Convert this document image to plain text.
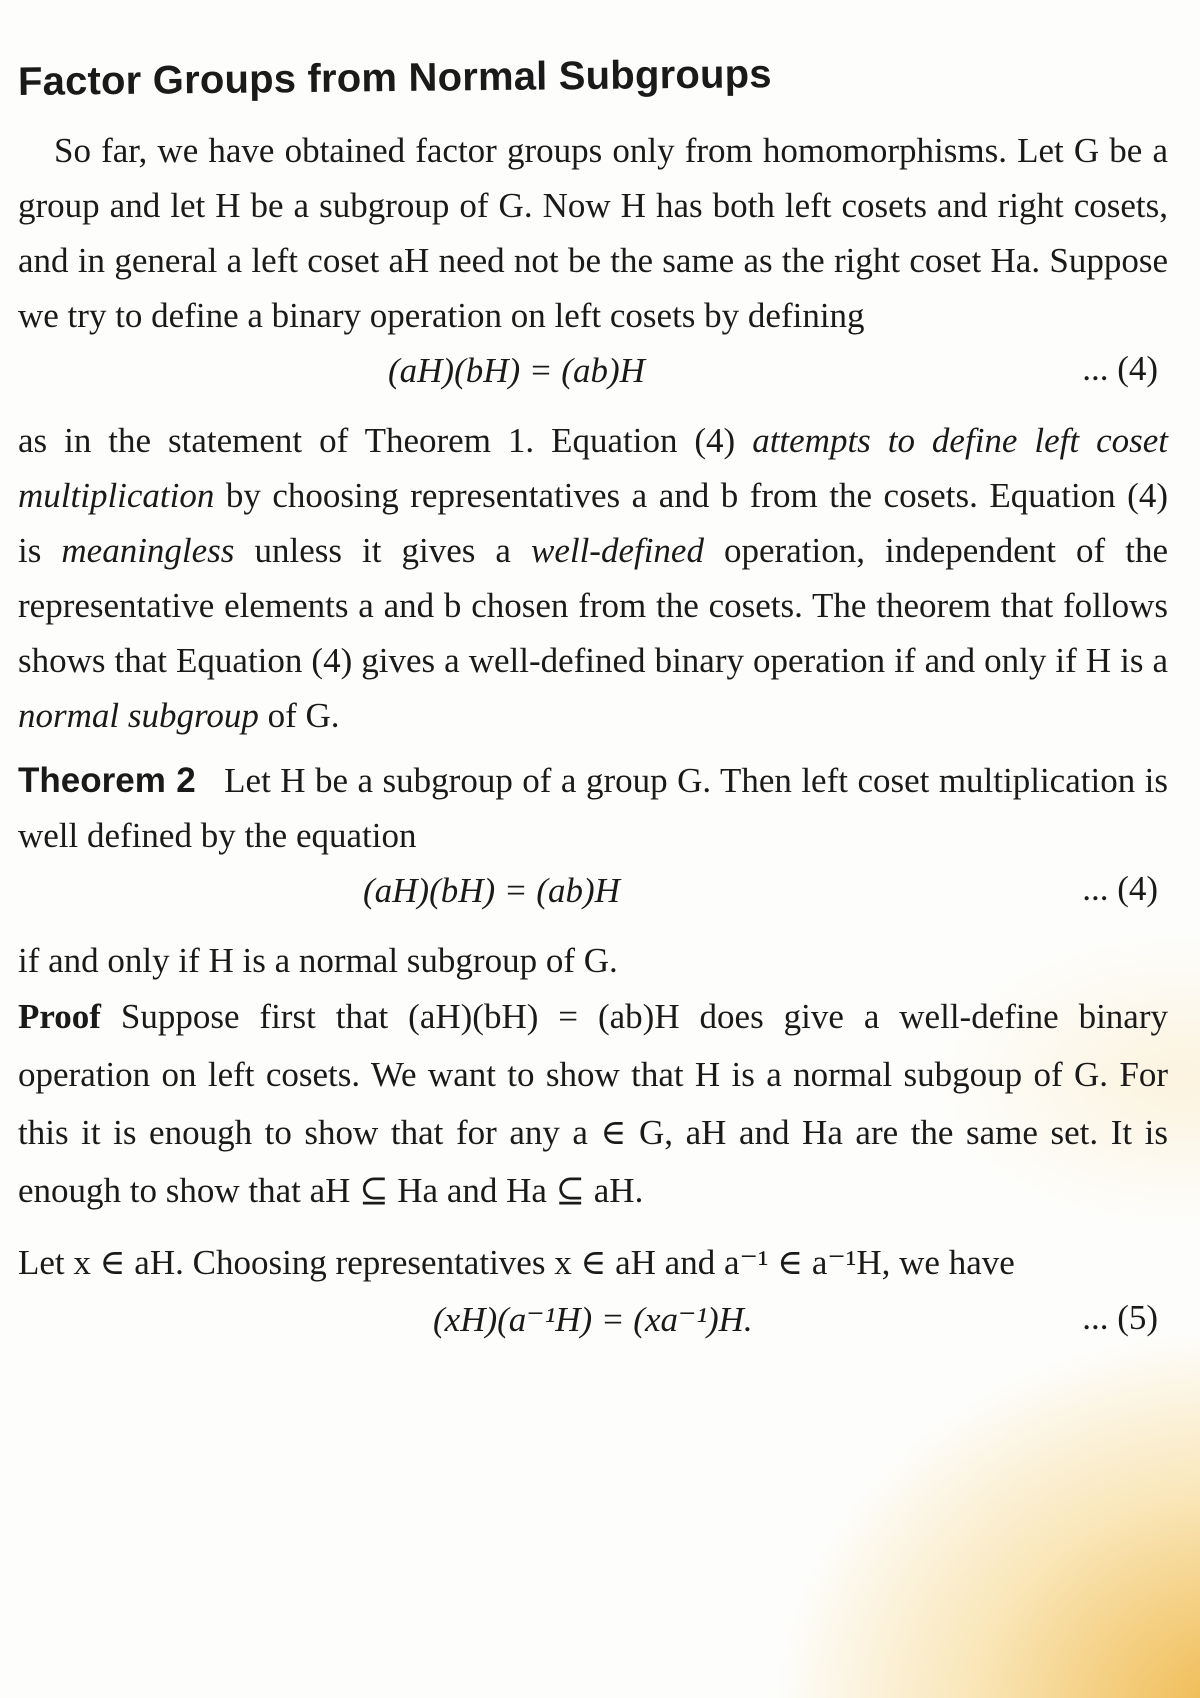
Factor Groups from Normal Subgroups

So far, we have obtained factor groups only from homomorphisms. Let G be a group and let H be a subgroup of G. Now H has both left cosets and right cosets, and in general a left coset aH need not be the same as the right coset Ha. Suppose we try to define a binary operation on left cosets by defining

(aH)(bH) = (ab)H	... (4)

as in the statement of Theorem 1. Equation (4) attempts to define left coset multiplication by choosing representatives a and b from the cosets. Equation (4) is meaningless unless it gives a well-defined operation, independent of the representative elements a and b chosen from the cosets. The theorem that follows shows that Equation (4) gives a well-defined binary operation if and only if H is a normal subgroup of G.

Theorem 2 Let H be a subgroup of a group G. Then left coset multiplication is well defined by the equation

(aH)(bH) = (ab)H	... (4)

if and only if H is a normal subgroup of G.

Proof Suppose first that (aH)(bH) = (ab)H does give a well-define binary operation on left cosets. We want to show that H is a normal subgoup of G. For this it is enough to show that for any a ∈ G, aH and Ha are the same set. It is enough to show that aH ⊆ Ha and Ha ⊆ aH.

Let x ∈ aH. Choosing representatives x ∈ aH and a⁻¹ ∈ a⁻¹H, we have

(xH)(a⁻¹H) = (xa⁻¹)H.	... (5)
